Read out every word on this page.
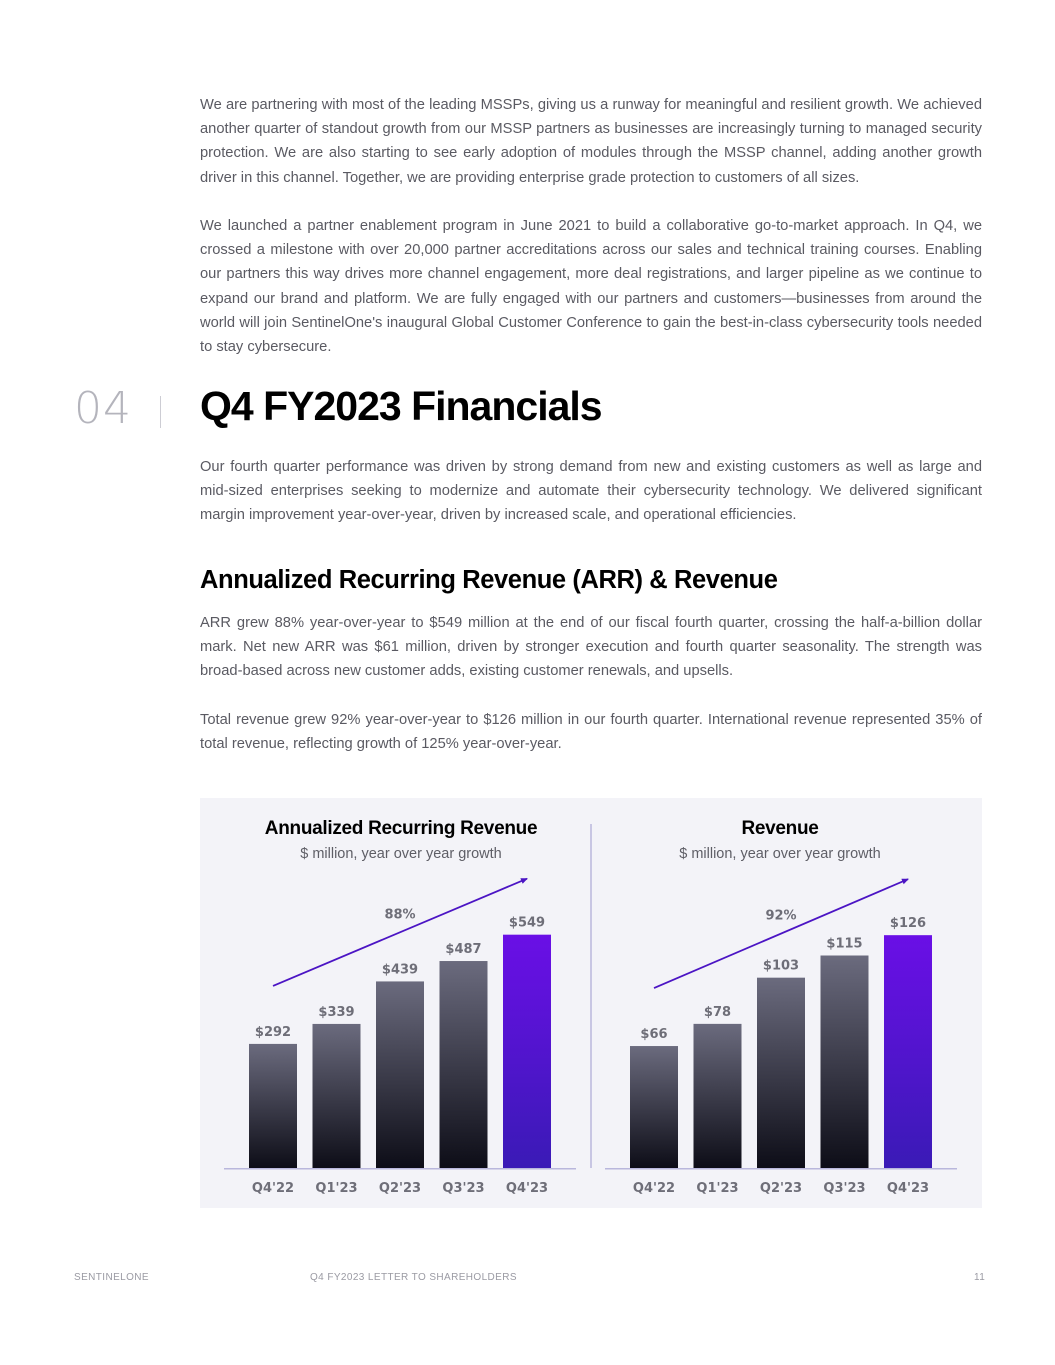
We are partnering with most of the leading MSSPs, giving us a runway for meaningful and resilient growth. We achieved another quarter of standout growth from our MSSP partners as businesses are increasingly turning to managed security protection. We are also starting to see early adoption of modules through the MSSP channel, adding another growth driver in this channel. Together, we are providing enterprise grade protection to customers of all sizes.

We launched a partner enablement program in June 2021 to build a collaborative go-to-market approach. In Q4, we crossed a milestone with over 20,000 partner accreditations across our sales and technical training courses. Enabling our partners this way drives more channel engagement, more deal registrations, and larger pipeline as we continue to expand our brand and platform. We are fully engaged with our partners and customers—businesses from around the world will join SentinelOne's inaugural Global Customer Conference to gain the best-in-class cybersecurity tools needed to stay cybersecure.

04 Q4 FY2023 Financials

Our fourth quarter performance was driven by strong demand from new and existing customers as well as large and mid-sized enterprises seeking to modernize and automate their cybersecurity technology. We delivered significant margin improvement year-over-year, driven by increased scale, and operational efficiencies.

Annualized Recurring Revenue (ARR) & Revenue

ARR grew 88% year-over-year to $549 million at the end of our fiscal fourth quarter, crossing the half-a-billion dollar mark. Net new ARR was $61 million, driven by stronger execution and fourth quarter seasonality. The strength was broad-based across new customer adds, existing customer renewals, and upsells.

Total revenue grew 92% year-over-year to $126 million in our fourth quarter. International revenue represented 35% of total revenue, reflecting growth of 125% year-over-year.

Annualized Recurring Revenue
$ million, year over year growth
$292
Q4'22
$339
Q1'23
$439
Q2'23
$487
Q3'23
$549
Q4'23
88%
Revenue
$ million, year over year growth
$66
Q4'22
$78
Q1'23
$103
Q2'23
$115
Q3'23
$126
Q4'23
92%
SENTINELONE	Q4 FY2023 LETTER TO SHAREHOLDERS	11
